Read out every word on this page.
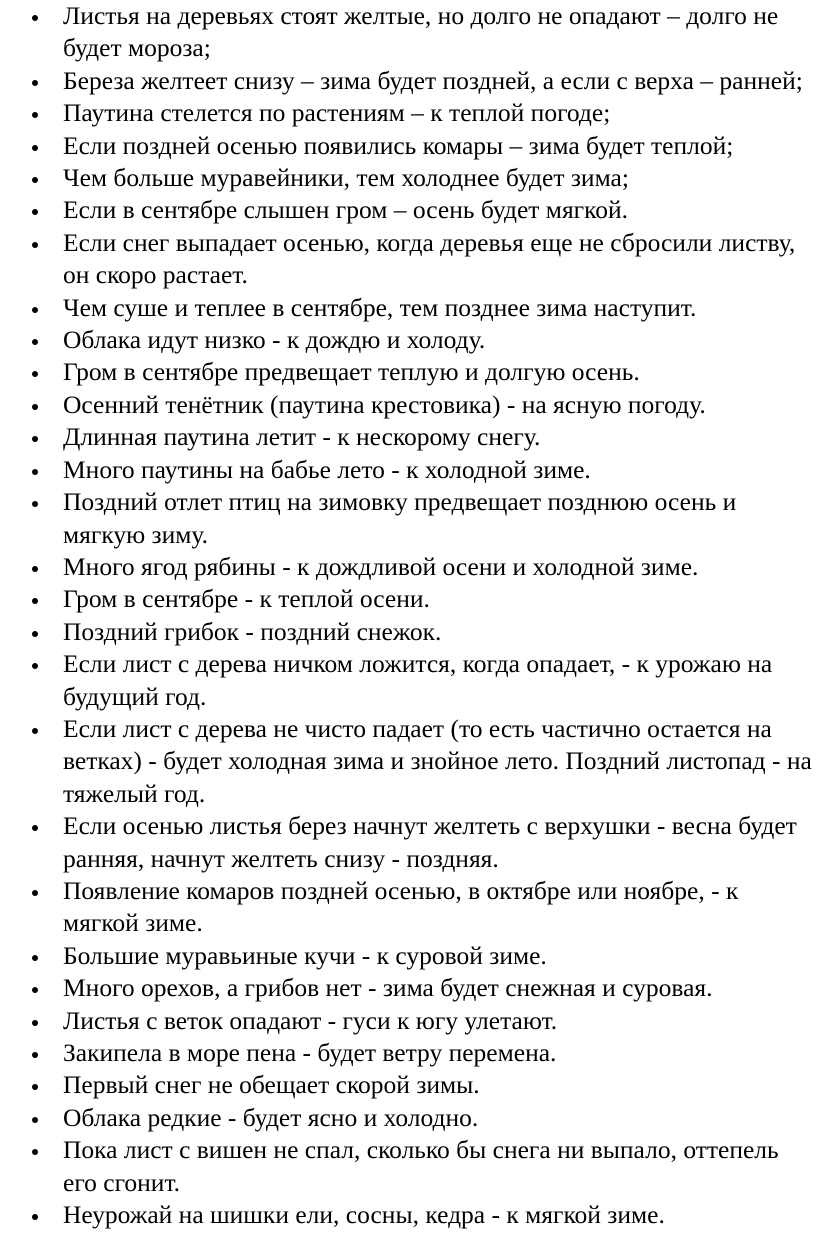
Листья на деревьях стоят желтые, но долго не опадают – долго не будет мороза;
Береза желтеет снизу – зима будет поздней, а если с верха – ранней;
Паутина стелется по растениям – к теплой погоде;
Если поздней осенью появились комары – зима будет теплой;
Чем больше муравейники, тем холоднее будет зима;
Если в сентябре слышен гром – осень будет мягкой.
Если снег выпадает осенью, когда деревья еще не сбросили листву, он скоро растает.
Чем суше и теплее в сентябре, тем позднее зима наступит.
Облака идут низко - к дождю и холоду.
Гром в сентябре предвещает теплую и долгую осень.
Осенний тенётник (паутина крестовика) - на ясную погоду.
Длинная паутина летит - к нескорому снегу.
Много паутины на бабье лето - к холодной зиме.
Поздний отлет птиц на зимовку предвещает позднюю осень и мягкую зиму.
Много ягод рябины - к дождливой осени и холодной зиме.
Гром в сентябре - к теплой осени.
Поздний грибок - поздний снежок.
Если лист с дерева ничком ложится, когда опадает, - к урожаю на будущий год.
Если лист с дерева не чисто падает (то есть частично остается на ветках) - будет холодная зима и знойное лето. Поздний листопад - на тяжелый год.
Если осенью листья берез начнут желтеть с верхушки - весна будет ранняя, начнут желтеть снизу - поздняя.
Появление комаров поздней осенью, в октябре или ноябре, - к мягкой зиме.
Большие муравьиные кучи - к суровой зиме.
Много орехов, а грибов нет - зима будет снежная и суровая.
Листья с веток опадают - гуси к югу улетают.
Закипела в море пена - будет ветру перемена.
Первый снег не обещает скорой зимы.
Облака редкие - будет ясно и холодно.
Пока лист с вишен не спал, сколько бы снега ни выпало, оттепель его сгонит.
Неурожай на шишки ели, сосны, кедра - к мягкой зиме.
